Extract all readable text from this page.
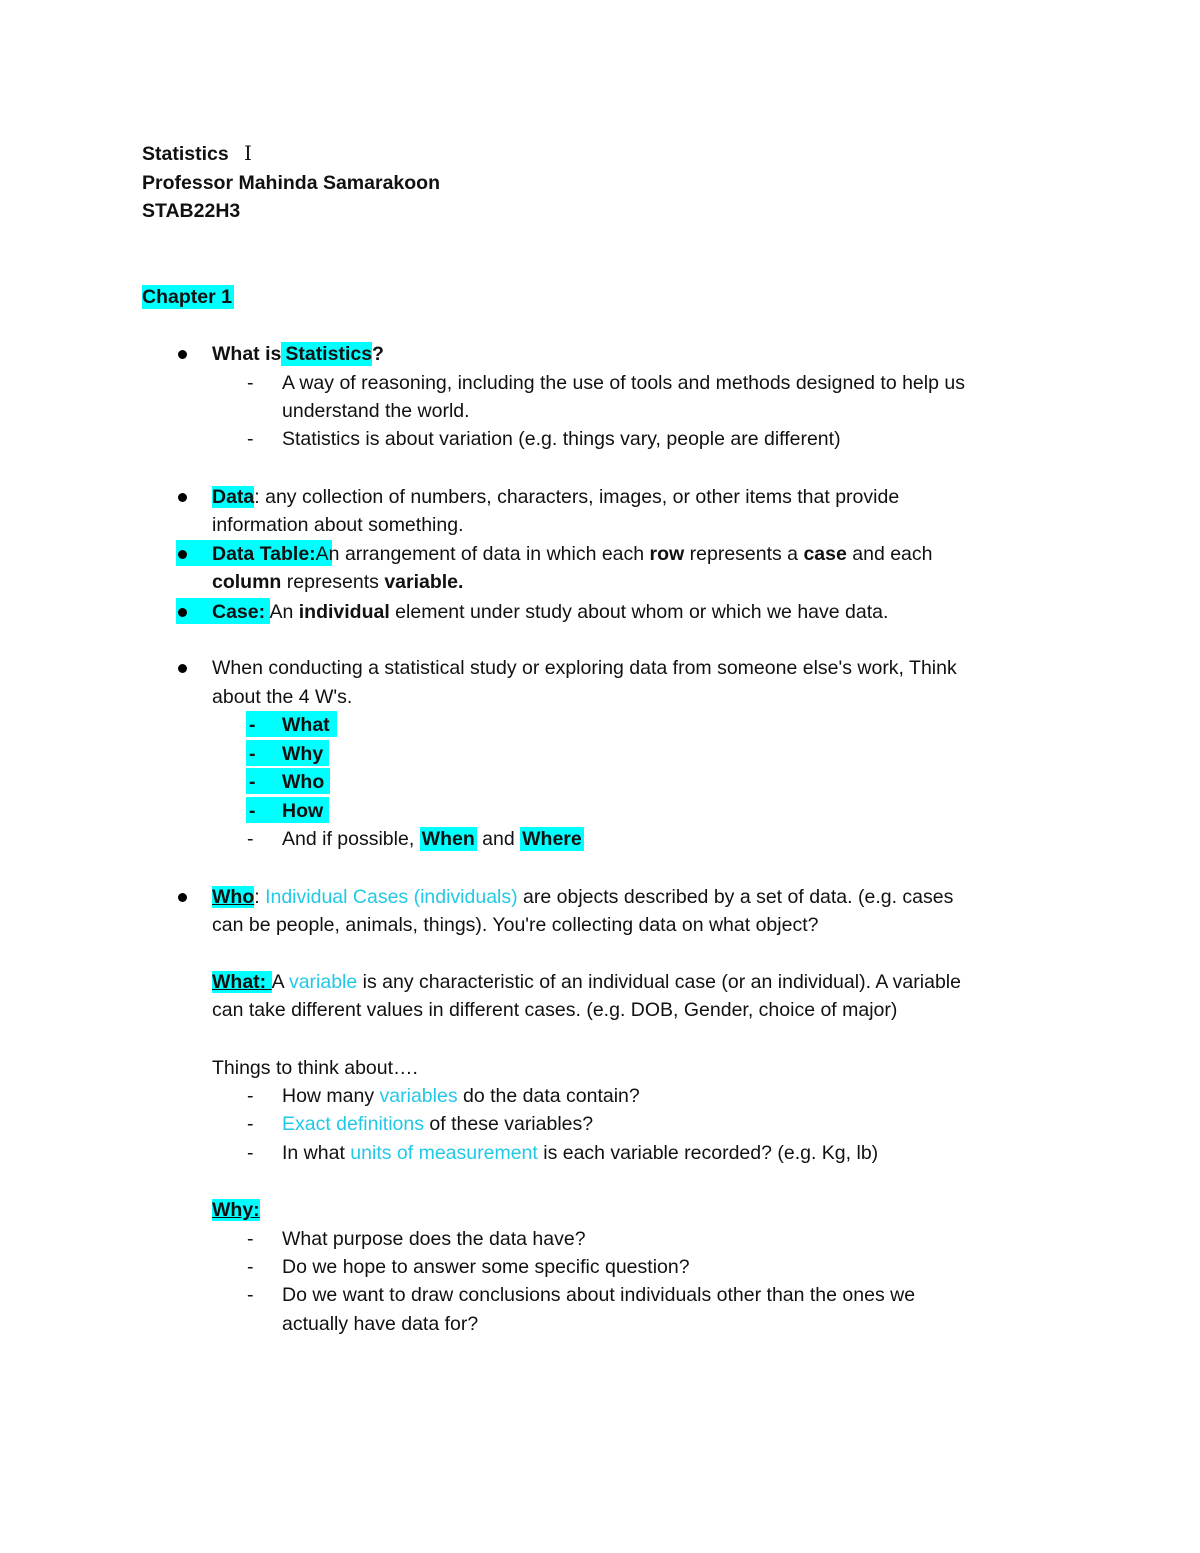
Statistics I
Professor Mahinda Samarakoon
STAB22H3
Chapter 1
What is Statistics?
- A way of reasoning, including the use of tools and methods designed to help us
understand the world.
- Statistics is about variation (e.g. things vary, people are different)
Data: any collection of numbers, characters, images, or other items that provide
information about something.
Data Table:An arrangement of data in which each row represents a case and each
column represents variable.
Case: An individual element under study about whom or which we have data.
When conducting a statistical study or exploring data from someone else's work, Think
about the 4 W's.
- What
- Why
- Who
- How
- And if possible, When and Where
Who: Individual Cases (individuals) are objects described by a set of data. (e.g. cases
can be people, animals, things). You're collecting data on what object?
What: A variable is any characteristic of an individual case (or an individual). A variable
can take different values in different cases. (e.g. DOB, Gender, choice of major)
Things to think about….
- How many variables do the data contain?
- Exact definitions of these variables?
- In what units of measurement is each variable recorded? (e.g. Kg, lb)
Why:
- What purpose does the data have?
- Do we hope to answer some specific question?
- Do we want to draw conclusions about individuals other than the ones we
actually have data for?
